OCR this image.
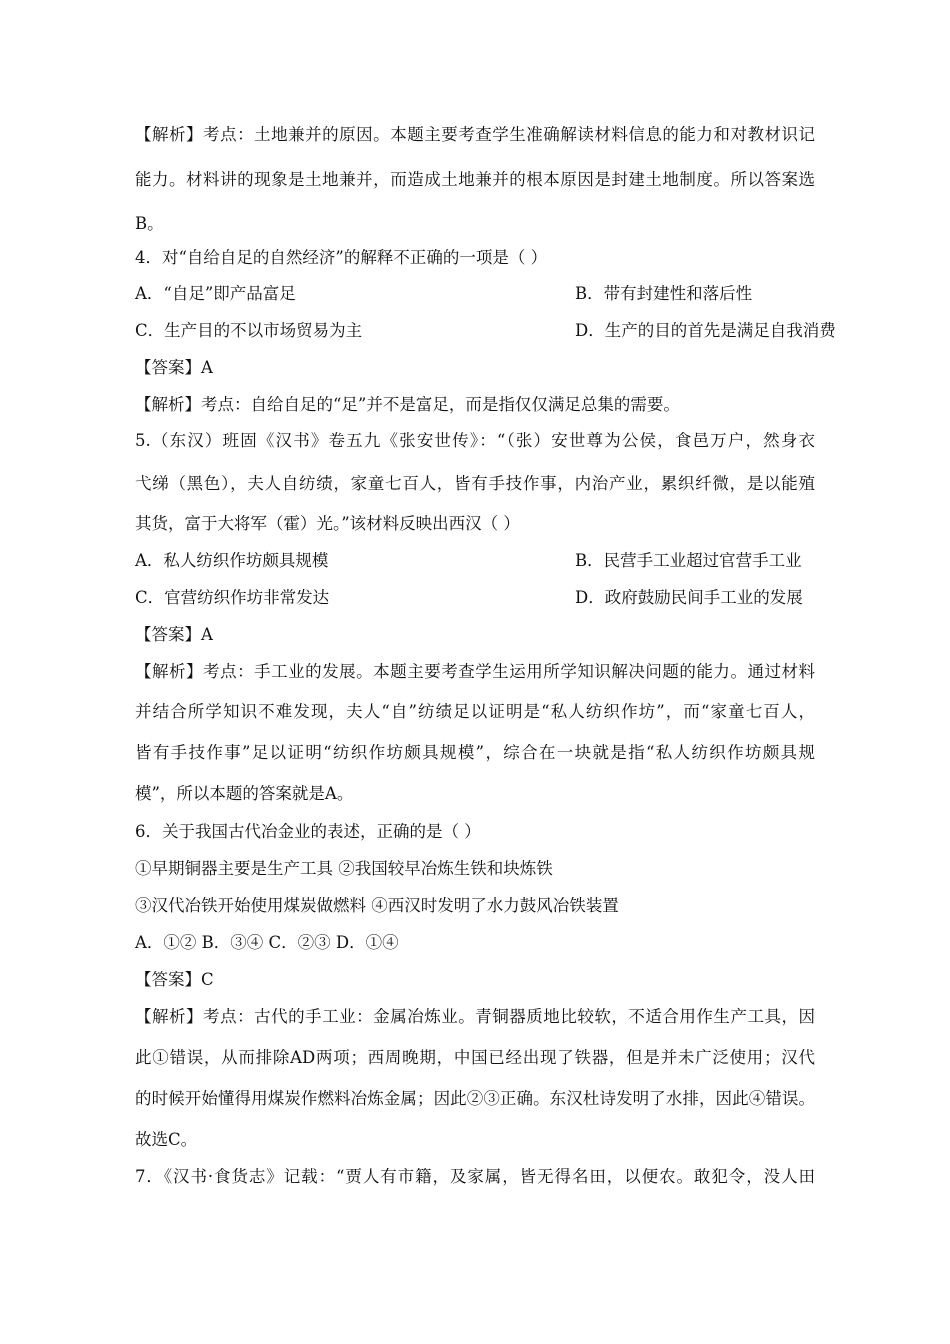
【解析】考点：土地兼并的原因。本题主要考查学生准确解读材料信息的能力和对教材识记
能力。材料讲的现象是土地兼并，而造成土地兼并的根本原因是封建土地制度。所以答案选
B。
4．对“自给自足的自然经济”的解释不正确的一项是（ ）
A．“自足”即产品富足	B．带有封建性和落后性
C．生产目的不以市场贸易为主	D．生产的目的首先是满足自我消费
【答案】A
【解析】考点：自给自足的“足”并不是富足，而是指仅仅满足总集的需要。
5.（东汉）班固《汉书》卷五九《张安世传》：“（张）安世尊为公侯，食邑万户，然身衣
弋绨（黑色），夫人自纺绩，家童七百人，皆有手技作事，内治产业，累织纤微，是以能殖
其货，富于大将军（霍）光。”该材料反映出西汉（ ）
A．私人纺织作坊颇具规模	B．民营手工业超过官营手工业
C．官营纺织作坊非常发达	D．政府鼓励民间手工业的发展
【答案】A
【解析】考点：手工业的发展。本题主要考查学生运用所学知识解决问题的能力。通过材料
并结合所学知识不难发现，夫人“自”纺绩足以证明是“私人纺织作坊”，而“家童七百人，
皆有手技作事”足以证明“纺织作坊颇具规模”，综合在一块就是指“私人纺织作坊颇具规
模”，所以本题的答案就是A。
6．关于我国古代冶金业的表述，正确的是（ ）
①早期铜器主要是生产工具 ②我国较早冶炼生铁和块炼铁
③汉代冶铁开始使用煤炭做燃料 ④西汉时发明了水力鼓风冶铁装置
A．①② B．③④ C．②③ D．①④
【答案】C
【解析】考点：古代的手工业：金属冶炼业。青铜器质地比较软，不适合用作生产工具，因
此①错误，从而排除AD两项；西周晚期，中国已经出现了铁器，但是并未广泛使用；汉代
的时候开始懂得用煤炭作燃料冶炼金属；因此②③正确。东汉杜诗发明了水排，因此④错误。
故选C。
7．《汉书·食货志》记载：“贾人有市籍，及家属，皆无得名田，以便农。敢犯令，没人田
